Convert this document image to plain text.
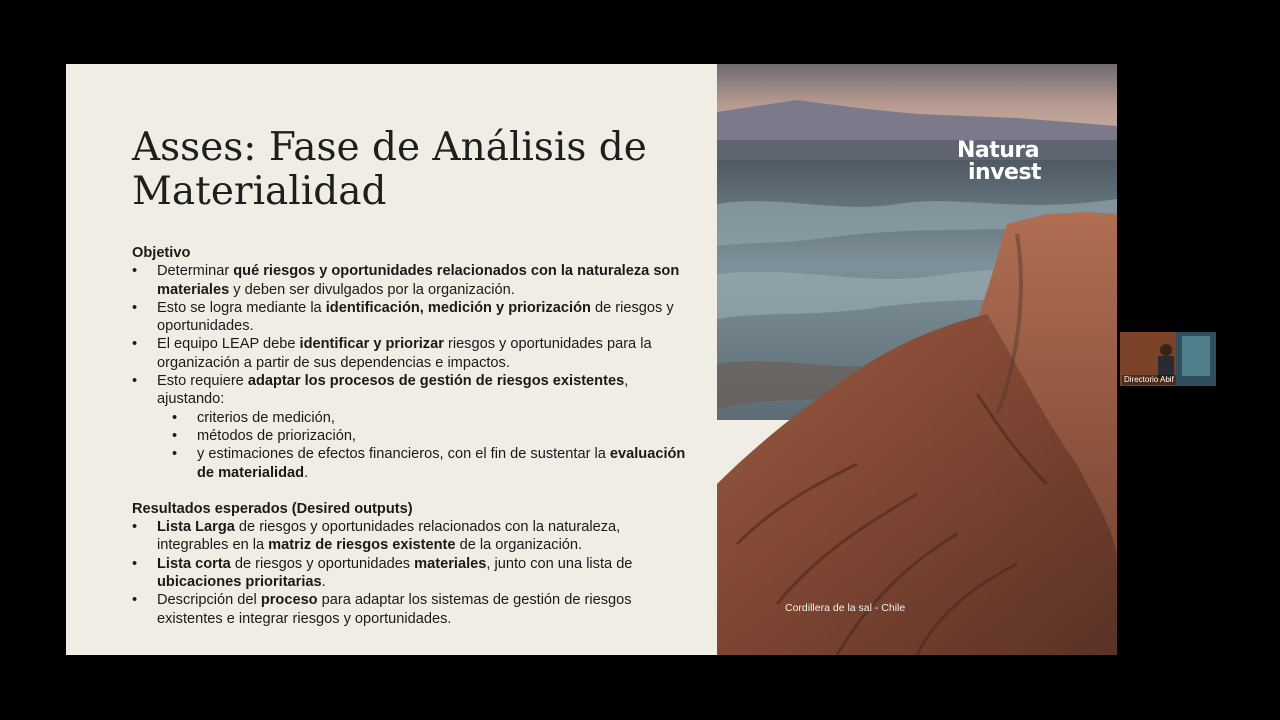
Asses: Fase de Análisis de Materialidad

Objetivo

• Determinar qué riesgos y oportunidades relacionados con la naturaleza son materiales y deben ser divulgados por la organización.
• Esto se logra mediante la identificación, medición y priorización de riesgos y oportunidades.
• El equipo LEAP debe identificar y priorizar riesgos y oportunidades para la organización a partir de sus dependencias e impactos.
• Esto requiere adaptar los procesos de gestión de riesgos existentes, ajustando:
• criterios de medición,
• métodos de priorización,
• y estimaciones de efectos financieros, con el fin de sustentar la evaluación de materialidad.

Resultados esperados (Desired outputs)

• Lista Larga de riesgos y oportunidades relacionados con la naturaleza, integrables en la matriz de riesgos existente de la organización.
• Lista corta de riesgos y oportunidades materiales, junto con una lista de ubicaciones prioritarias.
• Descripción del proceso para adaptar los sistemas de gestión de riesgos existentes e integrar riesgos y oportunidades.
Natura
invest
Cordillera de la sal - Chile
Directorio Abif
